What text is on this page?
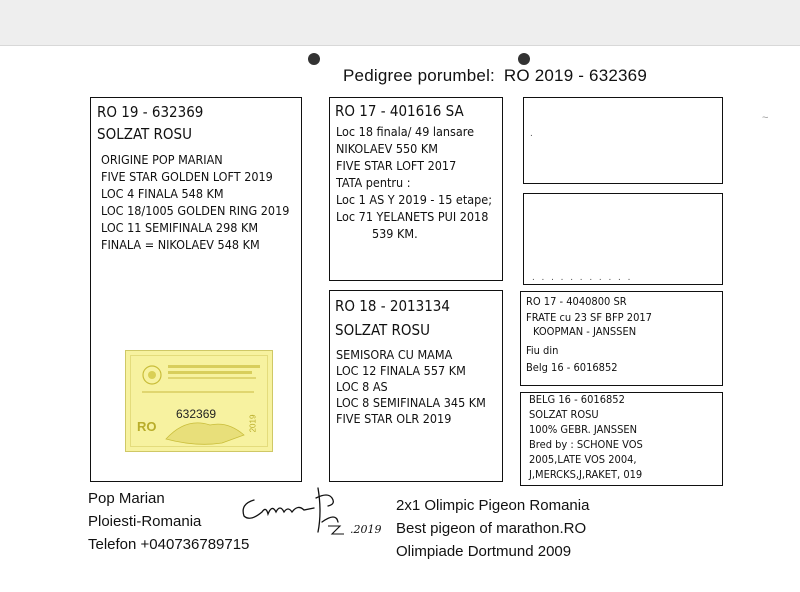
Pedigree porumbel: RO 2019 - 632369
~
RO 19 - 632369
SOLZAT ROSU
ORIGINE POP MARIAN
FIVE STAR GOLDEN LOFT 2019
LOC 4 FINALA 548 KM
LOC 18/1005 GOLDEN RING 2019
LOC 11 SEMIFINALA 298 KM
FINALA = NIKOLAEV 548 KM
632369
RO	2019
RO 17 - 401616 SA
Loc 18 finala/ 49 lansare
NIKOLAEV 550 KM
FIVE STAR LOFT 2017
TATA pentru :
Loc 1 AS Y 2019 - 15 etape;
Loc 71 YELANETS PUI 2018
539 KM.
RO 18 - 2013134
SOLZAT ROSU
SEMISORA CU MAMA
LOC 12 FINALA 557 KM
LOC 8 AS
LOC 8 SEMIFINALA 345 KM
FIVE STAR OLR 2019
.
. . . . . . . . . . .
RO 17 - 4040800 SR
FRATE cu 23 SF BFP 2017
KOOPMAN - JANSSEN
Fiu din
Belg 16 - 6016852
BELG 16 - 6016852
SOLZAT ROSU
100% GEBR. JANSSEN
Bred by : SCHONE VOS
2005,LATE VOS 2004,
J,MERCKS,J,RAKET, 019
Pop Marian
Ploiesti-Romania
Telefon +040736789715
.2019
2x1 Olimpic Pigeon Romania
Best pigeon of marathon.RO
Olimpiade Dortmund 2009
